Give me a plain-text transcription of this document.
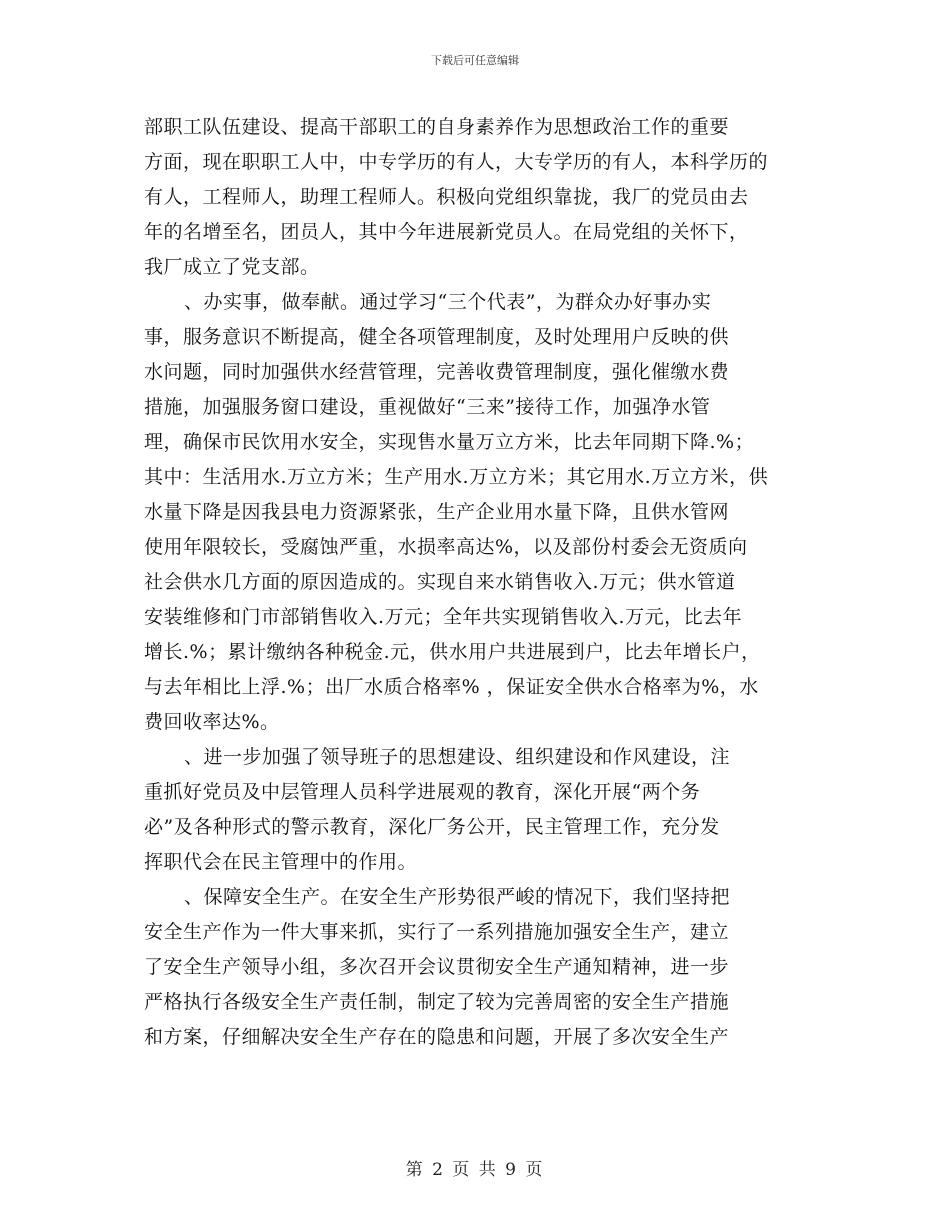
下载后可任意编辑
部职工队伍建设、提高干部职工的自身素养作为思想政治工作的重要
方面，现在职职工人中，中专学历的有人，大专学历的有人，本科学历的
有人，工程师人，助理工程师人。积极向党组织靠拢，我厂的党员由去
年的名增至名，团员人，其中今年进展新党员人。在局党组的关怀下，
我厂成立了党支部。
、办实事，做奉献。通过学习“三个代表”，为群众办好事办实
事，服务意识不断提高，健全各项管理制度，及时处理用户反映的供
水问题，同时加强供水经营管理，完善收费管理制度，强化催缴水费
措施，加强服务窗口建设，重视做好“三来”接待工作，加强净水管
理，确保市民饮用水安全，实现售水量万立方米，比去年同期下降.%；
其中：生活用水.万立方米；生产用水.万立方米；其它用水.万立方米，供
水量下降是因我县电力资源紧张，生产企业用水量下降，且供水管网
使用年限较长，受腐蚀严重，水损率高达%，以及部份村委会无资质向
社会供水几方面的原因造成的。实现自来水销售收入.万元；供水管道
安装维修和门市部销售收入.万元；全年共实现销售收入.万元，比去年
增长.%；累计缴纳各种税金.元，供水用户共进展到户，比去年增长户，
与去年相比上浮.%；出厂水质合格率% ，保证安全供水合格率为%，水
费回收率达%。
、进一步加强了领导班子的思想建设、组织建设和作风建设，注
重抓好党员及中层管理人员科学进展观的教育，深化开展“两个务
必”及各种形式的警示教育，深化厂务公开，民主管理工作，充分发
挥职代会在民主管理中的作用。
、保障安全生产。在安全生产形势很严峻的情况下，我们坚持把
安全生产作为一件大事来抓，实行了一系列措施加强安全生产，建立
了安全生产领导小组，多次召开会议贯彻安全生产通知精神，进一步
严格执行各级安全生产责任制，制定了较为完善周密的安全生产措施
和方案，仔细解决安全生产存在的隐患和问题，开展了多次安全生产
第 2 页 共 9 页
